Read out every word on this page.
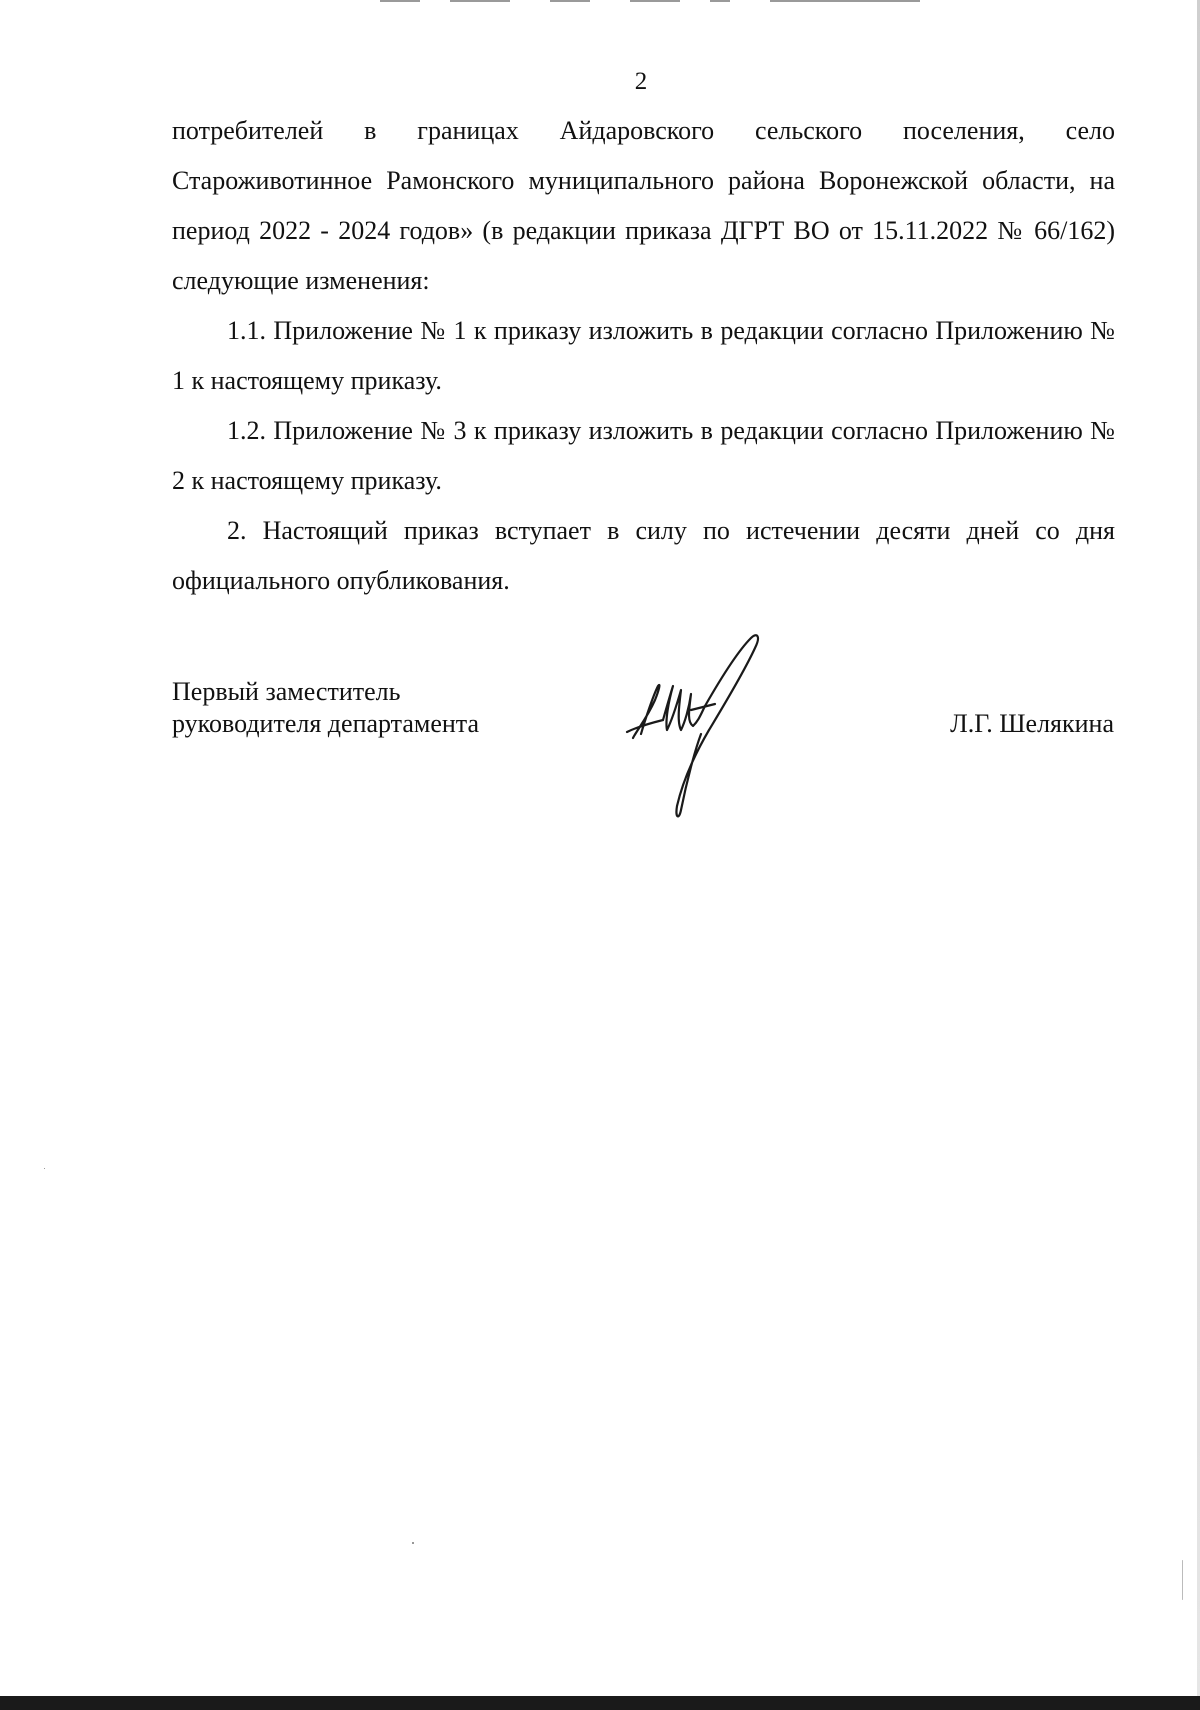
2

потребителей в границах Айдаровского сельского поселения, село Староживотинное Рамонского муниципального района Воронежской области, на период 2022 - 2024 годов» (в редакции приказа ДГРТ ВО от 15.11.2022 № 66/162) следующие изменения:

1.1. Приложение № 1 к приказу изложить в редакции согласно Приложению № 1 к настоящему приказу.

1.2. Приложение № 3 к приказу изложить в редакции согласно Приложению № 2 к настоящему приказу.

2. Настоящий приказ вступает в силу по истечении десяти дней со дня официального опубликования.

Первый заместитель
руководителя департамента	Л.Г. Шелякина
